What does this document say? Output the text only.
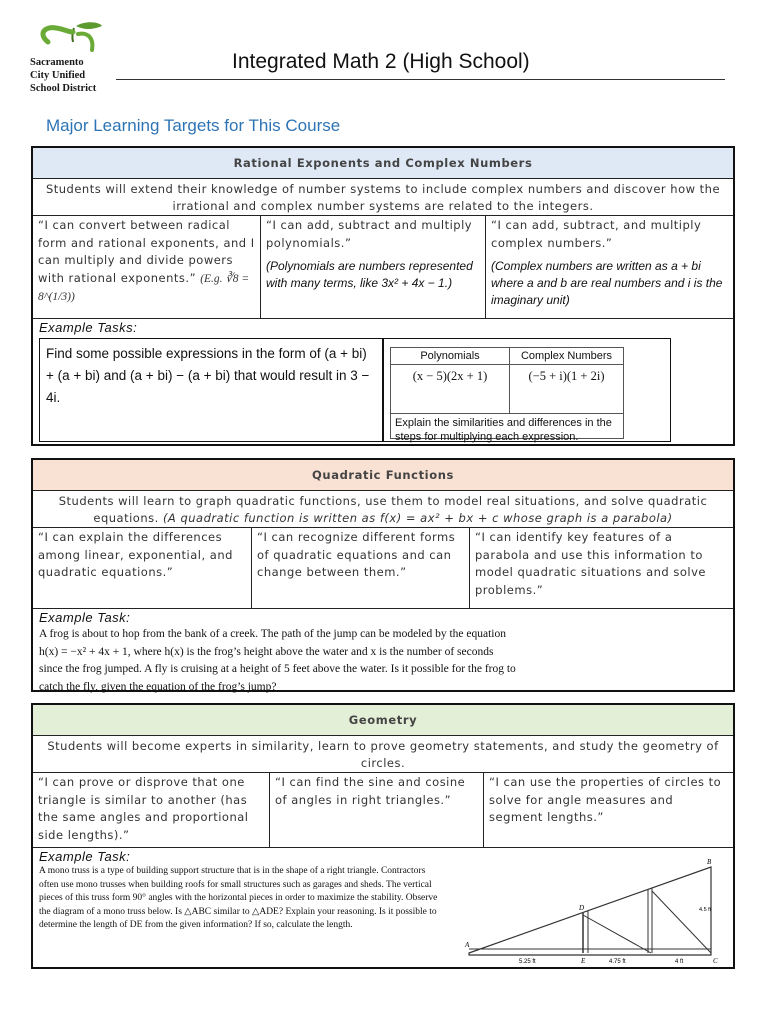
Sacramento
City Unified
School District
Integrated Math 2 (High School)
Major Learning Targets for This Course
Rational Exponents and Complex Numbers
Students will extend their knowledge of number systems to include complex numbers and discover how the irrational and complex number systems are related to the integers.
“I can convert between radical form and rational exponents, and I can multiply and divide powers with rational exponents.” (E.g. ∛8 = 8^(1/3))
“I can add, subtract and multiply polynomials.”
(Polynomials are numbers represented with many terms, like 3x² + 4x − 1.)
“I can add, subtract, and multiply complex numbers.”
(Complex numbers are written as a + bi where a and b are real numbers and i is the imaginary unit)
Example Tasks:
Find some possible expressions in the form of (a + bi) + (a + bi) and (a + bi) − (a + bi) that would result in 3 − 4i.
Polynomials	Complex Numbers
(x − 5)(2x + 1)	(−5 + i)(1 + 2i)
Explain the similarities and differences in the steps for multiplying each expression.
Quadratic Functions
Students will learn to graph quadratic functions, use them to model real situations, and solve quadratic equations. (A quadratic function is written as f(x) = ax² + bx + c whose graph is a parabola)
“I can explain the differences among linear, exponential, and quadratic equations.”
“I can recognize different forms of quadratic equations and can change between them.”
“I can identify key features of a parabola and use this information to model quadratic situations and solve problems.”
Example Task:
A frog is about to hop from the bank of a creek. The path of the jump can be modeled by the equation h(x) = −x² + 4x + 1, where h(x) is the frog’s height above the water and x is the number of seconds since the frog jumped. A fly is cruising at a height of 5 feet above the water. Is it possible for the frog to catch the fly, given the equation of the frog’s jump?
Geometry
Students will become experts in similarity, learn to prove geometry statements, and study the geometry of circles.
“I can prove or disprove that one triangle is similar to another (has the same angles and proportional side lengths).”
“I can find the sine and cosine of angles in right triangles.”
“I can use the properties of circles to solve for angle measures and segment lengths.”
Example Task:
A mono truss is a type of building support structure that is in the shape of a right triangle. Contractors often use mono trusses when building roofs for small structures such as garages and sheds. The vertical pieces of this truss form 90° angles with the horizontal pieces in order to maximize the stability. Observe the diagram of a mono truss below. Is △ABC similar to △ADE? Explain your reasoning. Is it possible to determine the length of DE from the given information? If so, calculate the length.
A
B
C
D
E
5.25 ft	4.75 ft	4 ft
4.5 ft
